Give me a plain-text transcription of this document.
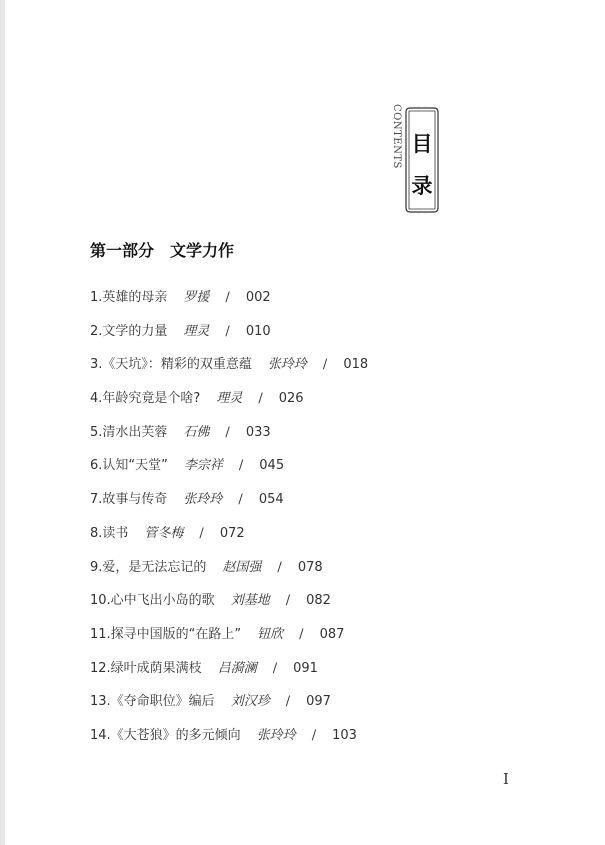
CONTENTS 目
录
第一部分　文学力作
1.英雄的母亲 罗援 / 002
2.文学的力量 理灵 / 010
3.《天坑》：精彩的双重意蕴 张玲玲 / 018
4.年龄究竟是个啥? 理灵 / 026
5.清水出芙蓉 石佛 / 033
6.认知“天堂” 李宗祥 / 045
7.故事与传奇 张玲玲 / 054
8.读书 管冬梅 / 072
9.爱，是无法忘记的 赵国强 / 078
10.心中飞出小岛的歌 刘基地 / 082
11.探寻中国版的“在路上” 钮欣 / 087
12.绿叶成荫果满枝 吕漪澜 / 091
13.《夺命职位》编后 刘汉珍 / 097
14.《大苍狼》的多元倾向 张玲玲 / 103
I
